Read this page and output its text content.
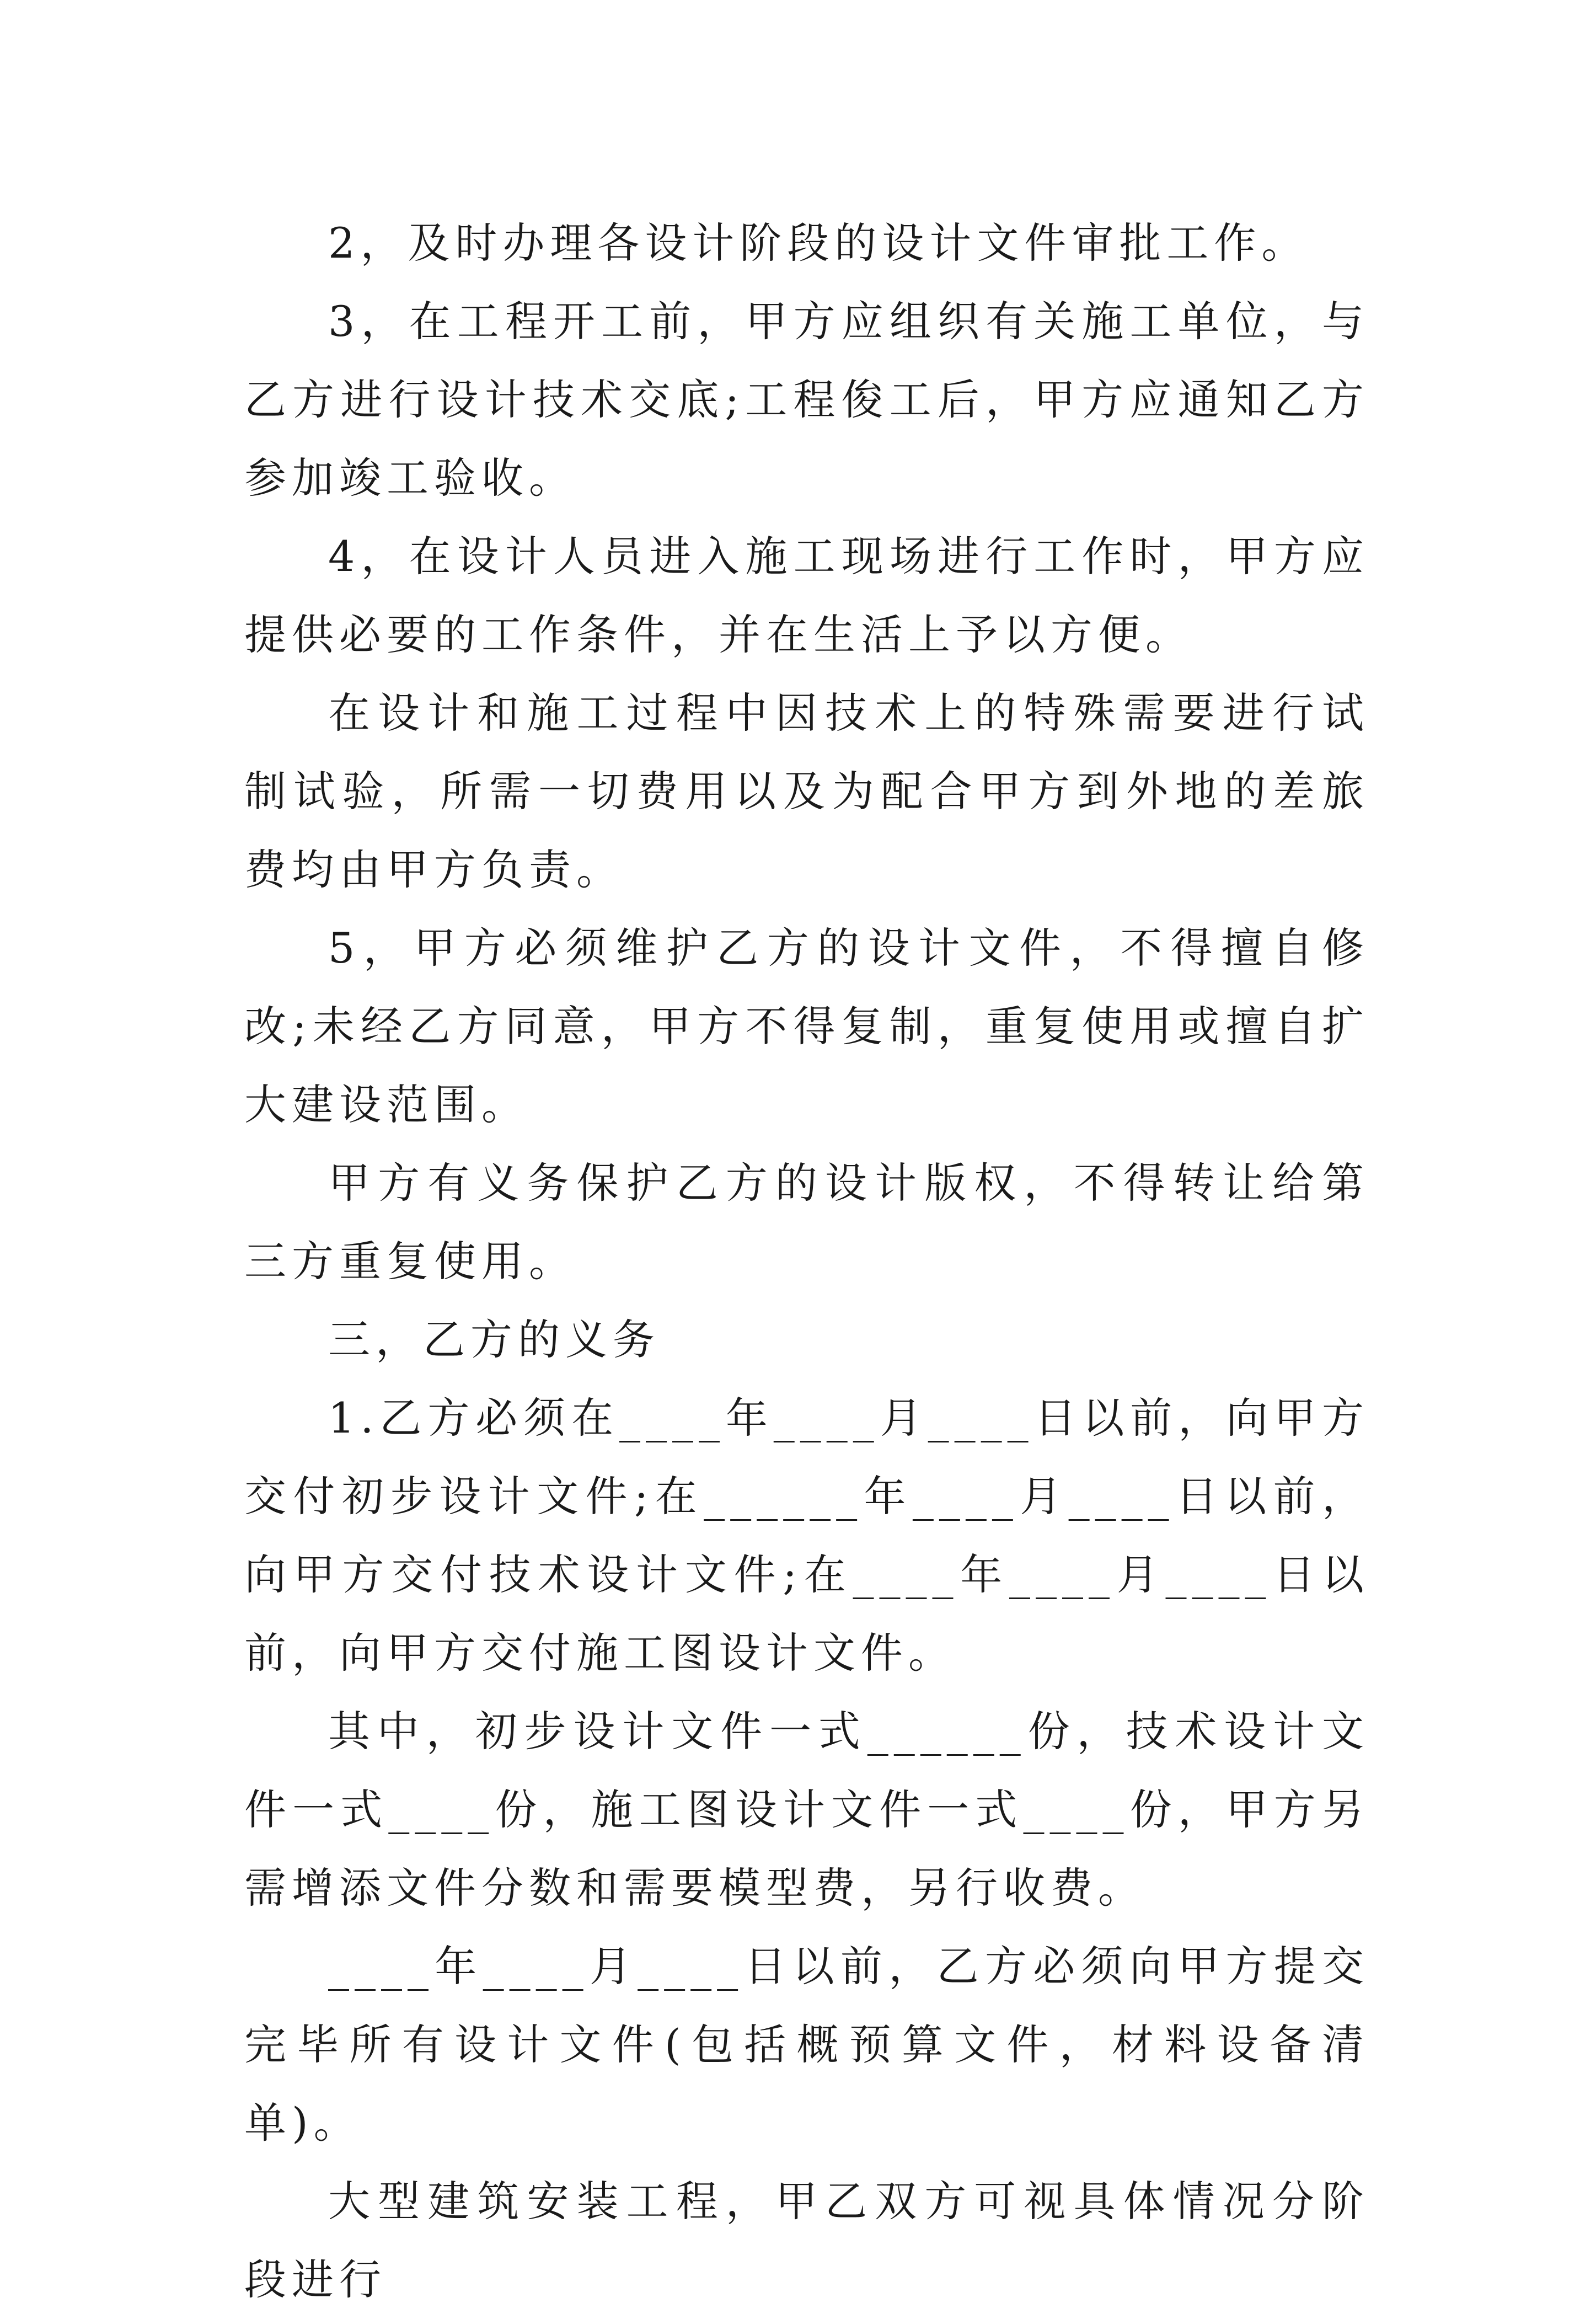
2，及时办理各设计阶段的设计文件审批工作。

3，在工程开工前，甲方应组织有关施工单位，与乙方进行设计技术交底;工程俊工后，甲方应通知乙方参加竣工验收。

4，在设计人员进入施工现场进行工作时，甲方应提供必要的工作条件，并在生活上予以方便。

在设计和施工过程中因技术上的特殊需要进行试制试验，所需一切费用以及为配合甲方到外地的差旅费均由甲方负责。

5，甲方必须维护乙方的设计文件，不得擅自修改;未经乙方同意，甲方不得复制，重复使用或擅自扩大建设范围。

甲方有义务保护乙方的设计版权，不得转让给第三方重复使用。

三，乙方的义务

1.乙方必须在____年____月____日以前，向甲方交付初步设计文件;在______年____月____日以前，向甲方交付技术设计文件;在____年____月____日以前，向甲方交付施工图设计文件。

其中，初步设计文件一式______份，技术设计文件一式____份，施工图设计文件一式____份，甲方另需增添文件分数和需要模型费，另行收费。

____年____月____日以前，乙方必须向甲方提交完毕所有设计文件(包括概预算文件，材料设备清单)。

大型建筑安装工程，甲乙双方可视具体情况分阶段进行
